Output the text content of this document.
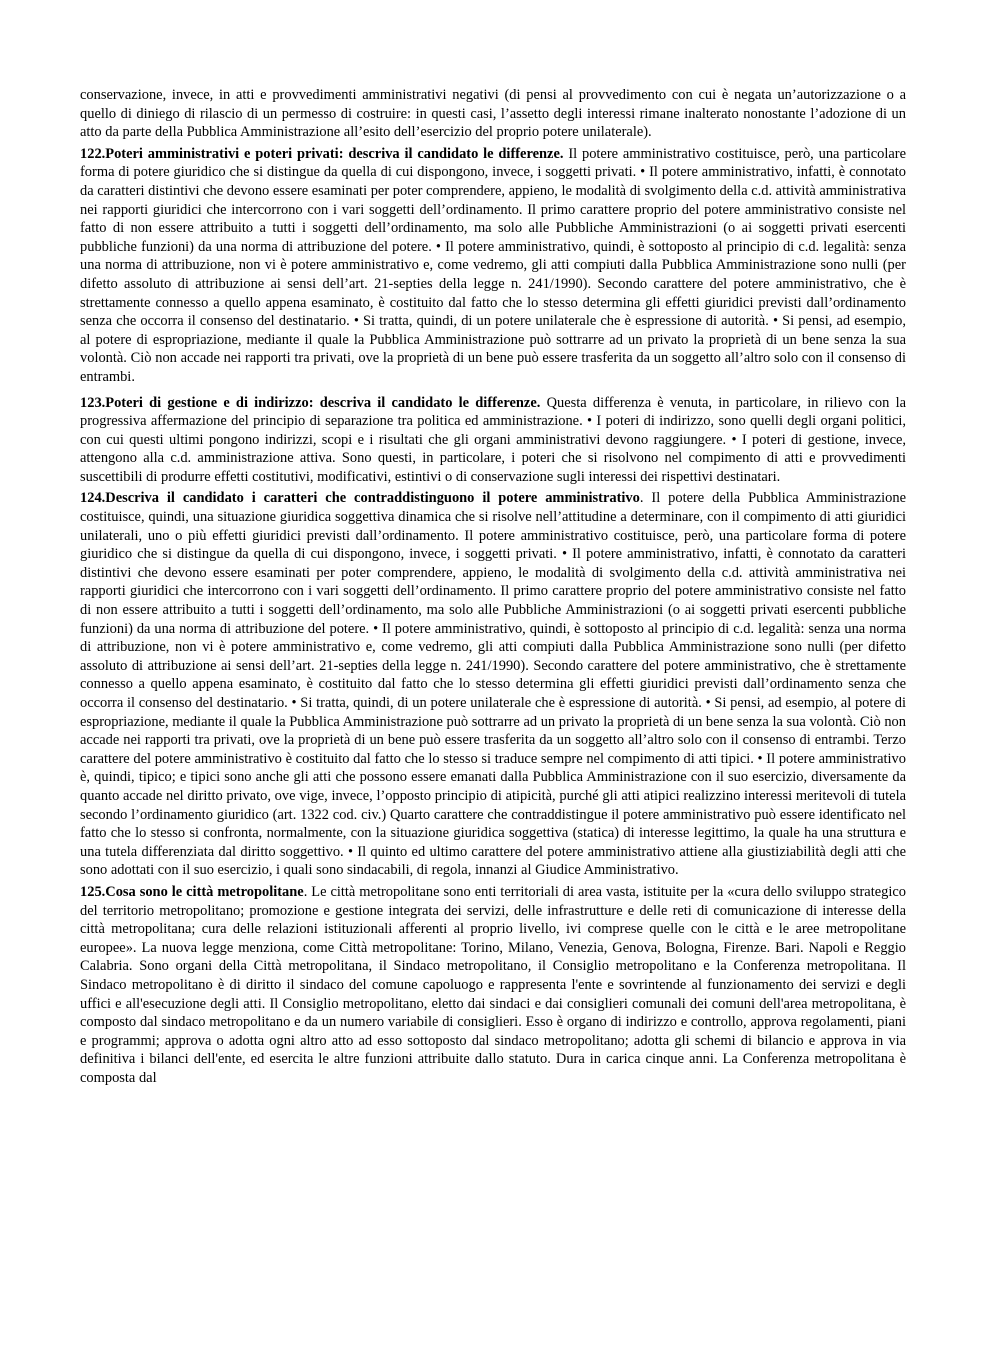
conservazione, invece, in atti e provvedimenti amministrativi negativi (di pensi al provvedimento con cui è negata un’autorizzazione o a quello di diniego di rilascio di un permesso di costruire: in questi casi, l’assetto degli interessi rimane inalterato nonostante l’adozione di un atto da parte della Pubblica Amministrazione all’esito dell’esercizio del proprio potere unilaterale).

122.Poteri amministrativi e poteri privati: descriva il candidato le differenze. Il potere amministrativo costituisce, però, una particolare forma di potere giuridico che si distingue da quella di cui dispongono, invece, i soggetti privati. • Il potere amministrativo, infatti, è connotato da caratteri distintivi che devono essere esaminati per poter comprendere, appieno, le modalità di svolgimento della c.d. attività amministrativa nei rapporti giuridici che intercorrono con i vari soggetti dell’ordinamento. Il primo carattere proprio del potere amministrativo consiste nel fatto di non essere attribuito a tutti i soggetti dell’ordinamento, ma solo alle Pubbliche Amministrazioni (o ai soggetti privati esercenti pubbliche funzioni) da una norma di attribuzione del potere. • Il potere amministrativo, quindi, è sottoposto al principio di c.d. legalità: senza una norma di attribuzione, non vi è potere amministrativo e, come vedremo, gli atti compiuti dalla Pubblica Amministrazione sono nulli (per difetto assoluto di attribuzione ai sensi dell’art. 21-septies della legge n. 241/1990). Secondo carattere del potere amministrativo, che è strettamente connesso a quello appena esaminato, è costituito dal fatto che lo stesso determina gli effetti giuridici previsti dall’ordinamento senza che occorra il consenso del destinatario. • Si tratta, quindi, di un potere unilaterale che è espressione di autorità. • Si pensi, ad esempio, al potere di espropriazione, mediante il quale la Pubblica Amministrazione può sottrarre ad un privato la proprietà di un bene senza la sua volontà. Ciò non accade nei rapporti tra privati, ove la proprietà di un bene può essere trasferita da un soggetto all’altro solo con il consenso di entrambi.

123.Poteri di gestione e di indirizzo: descriva il candidato le differenze. Questa differenza è venuta, in particolare, in rilievo con la progressiva affermazione del principio di separazione tra politica ed amministrazione. • I poteri di indirizzo, sono quelli degli organi politici, con cui questi ultimi pongono indirizzi, scopi e i risultati che gli organi amministrativi devono raggiungere. • I poteri di gestione, invece, attengono alla c.d. amministrazione attiva. Sono questi, in particolare, i poteri che si risolvono nel compimento di atti e provvedimenti suscettibili di produrre effetti costitutivi, modificativi, estintivi o di conservazione sugli interessi dei rispettivi destinatari.

124.Descriva il candidato i caratteri che contraddistinguono il potere amministrativo. Il potere della Pubblica Amministrazione costituisce, quindi, una situazione giuridica soggettiva dinamica che si risolve nell’attitudine a determinare, con il compimento di atti giuridici unilaterali, uno o più effetti giuridici previsti dall’ordinamento. Il potere amministrativo costituisce, però, una particolare forma di potere giuridico che si distingue da quella di cui dispongono, invece, i soggetti privati. • Il potere amministrativo, infatti, è connotato da caratteri distintivi che devono essere esaminati per poter comprendere, appieno, le modalità di svolgimento della c.d. attività amministrativa nei rapporti giuridici che intercorrono con i vari soggetti dell’ordinamento. Il primo carattere proprio del potere amministrativo consiste nel fatto di non essere attribuito a tutti i soggetti dell’ordinamento, ma solo alle Pubbliche Amministrazioni (o ai soggetti privati esercenti pubbliche funzioni) da una norma di attribuzione del potere. • Il potere amministrativo, quindi, è sottoposto al principio di c.d. legalità: senza una norma di attribuzione, non vi è potere amministrativo e, come vedremo, gli atti compiuti dalla Pubblica Amministrazione sono nulli (per difetto assoluto di attribuzione ai sensi dell’art. 21-septies della legge n. 241/1990). Secondo carattere del potere amministrativo, che è strettamente connesso a quello appena esaminato, è costituito dal fatto che lo stesso determina gli effetti giuridici previsti dall’ordinamento senza che occorra il consenso del destinatario. • Si tratta, quindi, di un potere unilaterale che è espressione di autorità. • Si pensi, ad esempio, al potere di espropriazione, mediante il quale la Pubblica Amministrazione può sottrarre ad un privato la proprietà di un bene senza la sua volontà. Ciò non accade nei rapporti tra privati, ove la proprietà di un bene può essere trasferita da un soggetto all’altro solo con il consenso di entrambi. Terzo carattere del potere amministrativo è costituito dal fatto che lo stesso si traduce sempre nel compimento di atti tipici. • Il potere amministrativo è, quindi, tipico; e tipici sono anche gli atti che possono essere emanati dalla Pubblica Amministrazione con il suo esercizio, diversamente da quanto accade nel diritto privato, ove vige, invece, l’opposto principio di atipicità, purché gli atti atipici realizzino interessi meritevoli di tutela secondo l’ordinamento giuridico (art. 1322 cod. civ.) Quarto carattere che contraddistingue il potere amministrativo può essere identificato nel fatto che lo stesso si confronta, normalmente, con la situazione giuridica soggettiva (statica) di interesse legittimo, la quale ha una struttura e una tutela differenziata dal diritto soggettivo. • Il quinto ed ultimo carattere del potere amministrativo attiene alla giustiziabilità degli atti che sono adottati con il suo esercizio, i quali sono sindacabili, di regola, innanzi al Giudice Amministrativo.

125.Cosa sono le città metropolitane. Le città metropolitane sono enti territoriali di area vasta, istituite per la «cura dello sviluppo strategico del territorio metropolitano; promozione e gestione integrata dei servizi, delle infrastrutture e delle reti di comunicazione di interesse della città metropolitana; cura delle relazioni istituzionali afferenti al proprio livello, ivi comprese quelle con le città e le aree metropolitane europee». La nuova legge menziona, come Città metropolitane: Torino, Milano, Venezia, Genova, Bologna, Firenze. Bari. Napoli e Reggio Calabria. Sono organi della Città metropolitana, il Sindaco metropolitano, il Consiglio metropolitano e la Conferenza metropolitana. Il Sindaco metropolitano è di diritto il sindaco del comune capoluogo e rappresenta l'ente e sovrintende al funzionamento dei servizi e degli uffici e all'esecuzione degli atti. Il Consiglio metropolitano, eletto dai sindaci e dai consiglieri comunali dei comuni dell'area metropolitana, è composto dal sindaco metropolitano e da un numero variabile di consiglieri. Esso è organo di indirizzo e controllo, approva regolamenti, piani e programmi; approva o adotta ogni altro atto ad esso sottoposto dal sindaco metropolitano; adotta gli schemi di bilancio e approva in via definitiva i bilanci dell'ente, ed esercita le altre funzioni attribuite dallo statuto. Dura in carica cinque anni. La Conferenza metropolitana è composta dal
